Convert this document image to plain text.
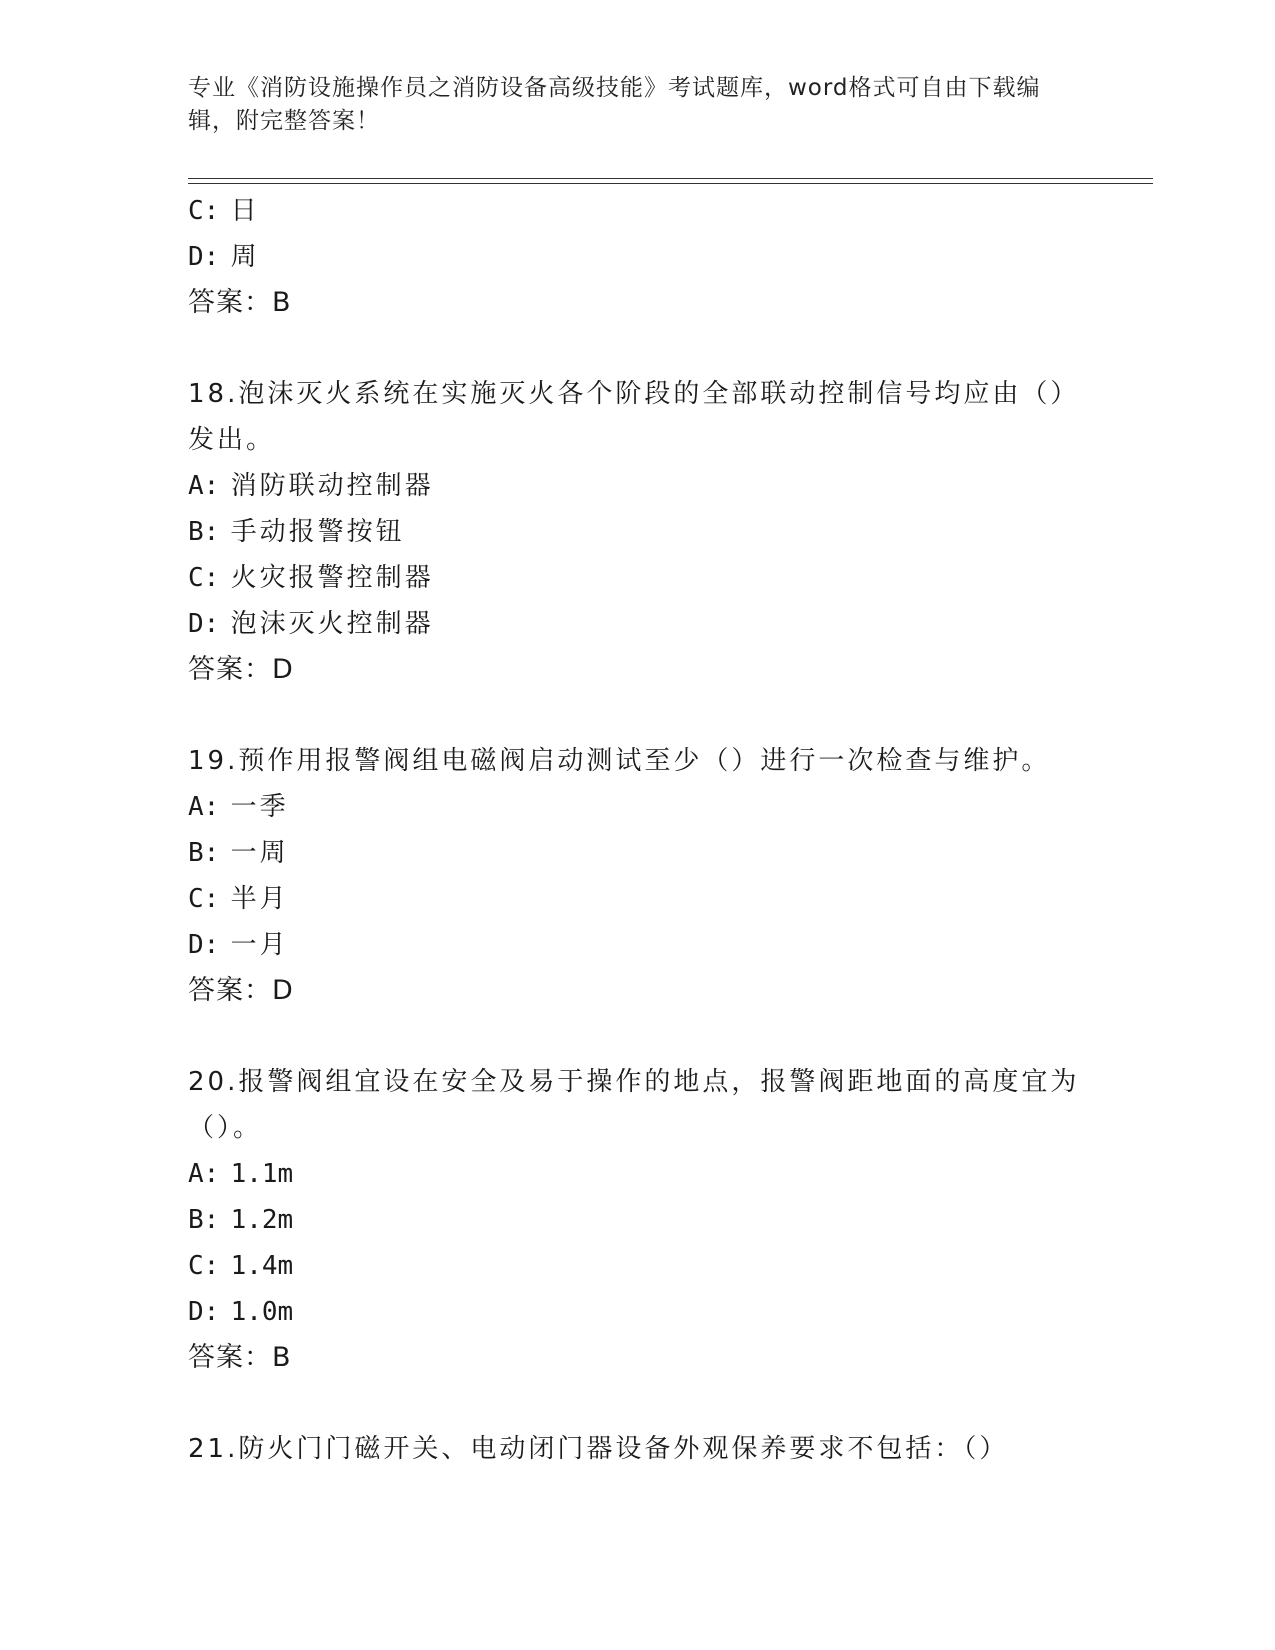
专业《消防设施操作员之消防设备高级技能》考试题库，word格式可自由下载编
辑，附完整答案！
C: 日
D: 周
答案：B
18.泡沫灭火系统在实施灭火各个阶段的全部联动控制信号均应由（）
发出。
A: 消防联动控制器
B: 手动报警按钮
C: 火灾报警控制器
D: 泡沫灭火控制器
答案：D
19.预作用报警阀组电磁阀启动测试至少（）进行一次检查与维护。
A: 一季
B: 一周
C: 半月
D: 一月
答案：D
20.报警阀组宜设在安全及易于操作的地点，报警阀距地面的高度宜为
（）。
A: 1.1m
B: 1.2m
C: 1.4m
D: 1.0m
答案：B
21.防火门门磁开关、电动闭门器设备外观保养要求不包括：（）
